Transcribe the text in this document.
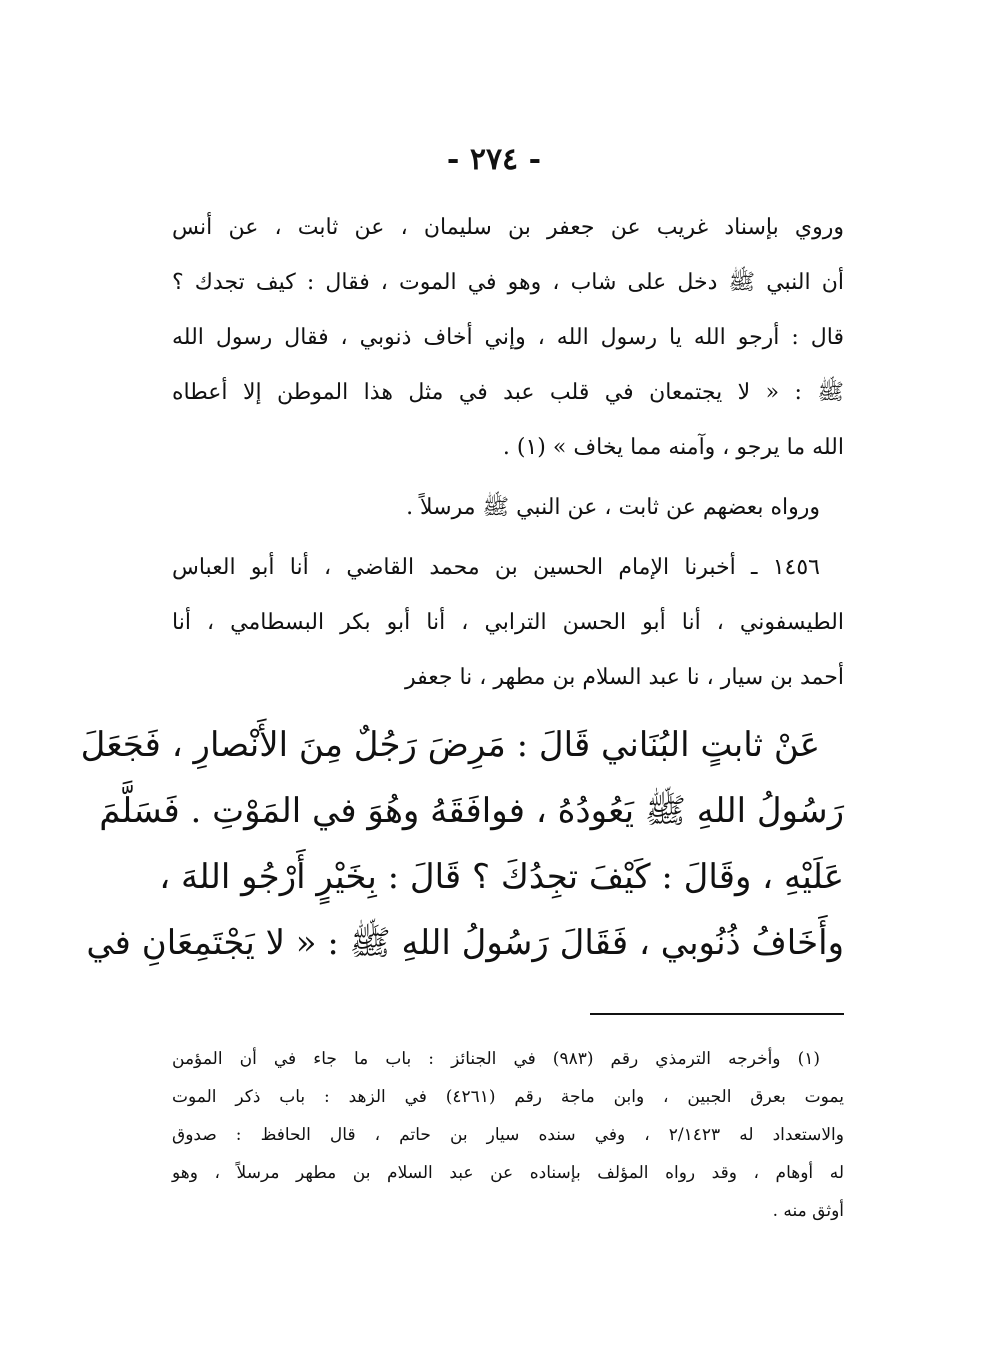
- ٢٧٤ -
وروي بإسناد غريب عن جعفر بن سليمان ، عن ثابت ، عن أنس
أن النبي ﷺ دخل على شاب ، وهو في الموت ، فقال : كيف تجدك ؟
قال : أرجو الله يا رسول الله ، وإني أخاف ذنوبي ، فقال رسول الله
ﷺ : « لا يجتمعان في قلب عبد في مثل هذا الموطن إلا أعطاه
الله ما يرجو ، وآمنه مما يخاف » (١) .
ورواه بعضهم عن ثابت ، عن النبي ﷺ مرسلاً .
١٤٥٦ ـ أخبرنا الإمام الحسين بن محمد القاضي ، أنا أبو العباس
الطيسفوني ، أنا أبو الحسن الترابي ، أنا أبو بكر البسطامي ، أنا
أحمد بن سيار ، نا عبد السلام بن مطهر ، نا جعفر
عَنْ ثابتٍ البُنَاني قَالَ : مَرِضَ رَجُلٌ مِنَ الأَنْصارِ ، فَجَعَلَ
رَسُولُ اللهِ ﷺ يَعُودُهُ ، فوافَقَهُ وهُوَ في المَوْتِ . فَسَلَّمَ
عَلَيْهِ ، وقَالَ : كَيْفَ تجِدُكَ ؟ قَالَ : بِخَيْرٍ أَرْجُو اللهَ ،
وأَخَافُ ذُنُوبي ، فَقَالَ رَسُولُ اللهِ ﷺ : « لا يَجْتَمِعَانِ في
(١) وأخرجه الترمذي رقم (٩٨٣) في الجنائز : باب ما جاء في أن المؤمن
يموت بعرق الجبين ، وابن ماجة رقم (٤٢٦١) في الزهد : باب ذكر الموت
والاستعداد له ٢/١٤٢٣ ، وفي سنده سيار بن حاتم ، قال الحافظ : صدوق
له أوهام ، وقد رواه المؤلف بإسناده عن عبد السلام بن مطهر مرسلاً ، وهو
أوثق منه .
